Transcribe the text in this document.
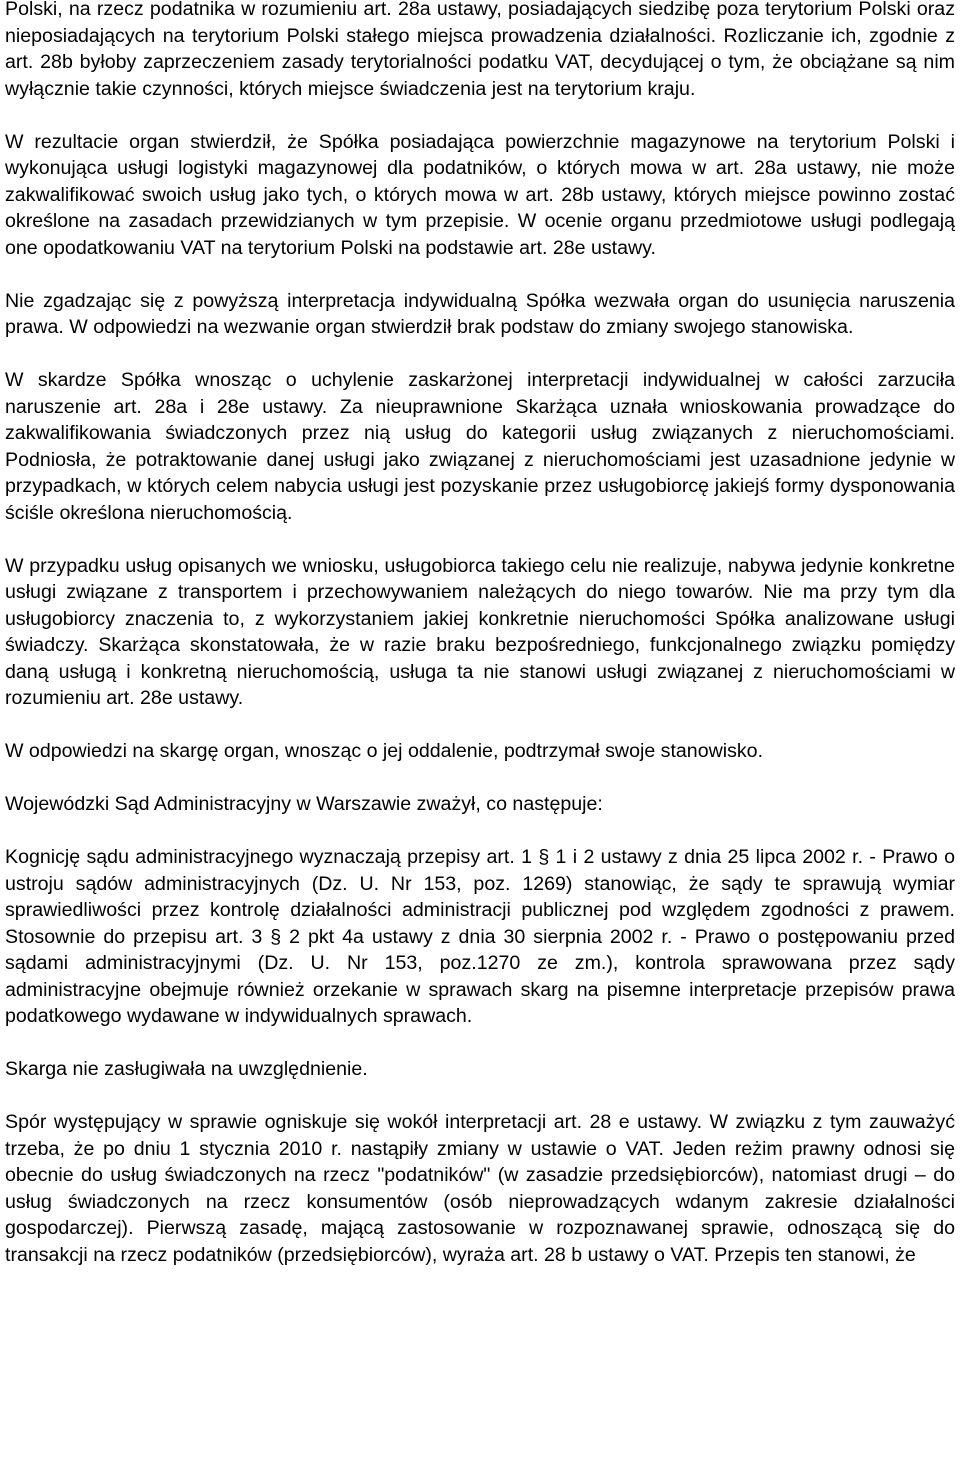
Polski, na rzecz podatnika w rozumieniu art. 28a ustawy, posiadających siedzibę poza terytorium Polski oraz nieposiadających na terytorium Polski stałego miejsca prowadzenia działalności. Rozliczanie ich, zgodnie z art. 28b byłoby zaprzeczeniem zasady terytorialności podatku VAT, decydującej o tym, że obciążane są nim wyłącznie takie czynności, których miejsce świadczenia jest na terytorium kraju.

W rezultacie organ stwierdził, że Spółka posiadająca powierzchnie magazynowe na terytorium Polski i wykonująca usługi logistyki magazynowej dla podatników, o których mowa w art. 28a ustawy, nie może zakwalifikować swoich usług jako tych, o których mowa w art. 28b ustawy, których miejsce powinno zostać określone na zasadach przewidzianych w tym przepisie. W ocenie organu przedmiotowe usługi podlegają one opodatkowaniu VAT na terytorium Polski na podstawie art. 28e ustawy.

Nie zgadzając się z powyższą interpretacja indywidualną Spółka wezwała organ do usunięcia naruszenia prawa. W odpowiedzi na wezwanie organ stwierdził brak podstaw do zmiany swojego stanowiska.

W skardze Spółka wnosząc o uchylenie zaskarżonej interpretacji indywidualnej w całości zarzuciła naruszenie art. 28a i 28e ustawy. Za nieuprawnione Skarżąca uznała wnioskowania prowadzące do zakwalifikowania świadczonych przez nią usług do kategorii usług związanych z nieruchomościami. Podniosła, że potraktowanie danej usługi jako związanej z nieruchomościami jest uzasadnione jedynie w przypadkach, w których celem nabycia usługi jest pozyskanie przez usługobiorcę jakiejś formy dysponowania ściśle określona nieruchomością.

W przypadku usług opisanych we wniosku, usługobiorca takiego celu nie realizuje, nabywa jedynie konkretne usługi związane z transportem i przechowywaniem należących do niego towarów. Nie ma przy tym dla usługobiorcy znaczenia to, z wykorzystaniem jakiej konkretnie nieruchomości Spółka analizowane usługi świadczy. Skarżąca skonstatowała, że w razie braku bezpośredniego, funkcjonalnego związku pomiędzy daną usługą i konkretną nieruchomością, usługa ta nie stanowi usługi związanej z nieruchomościami w rozumieniu art. 28e ustawy.

W odpowiedzi na skargę organ, wnosząc o jej oddalenie, podtrzymał swoje stanowisko.

Wojewódzki Sąd Administracyjny w Warszawie zważył, co następuje:

Kognicję sądu administracyjnego wyznaczają przepisy art. 1 § 1 i 2 ustawy z dnia 25 lipca 2002 r. - Prawo o ustroju sądów administracyjnych (Dz. U. Nr 153, poz. 1269) stanowiąc, że sądy te sprawują wymiar sprawiedliwości przez kontrolę działalności administracji publicznej pod względem zgodności z prawem. Stosownie do przepisu art. 3 § 2 pkt 4a ustawy z dnia 30 sierpnia 2002 r. - Prawo o postępowaniu przed sądami administracyjnymi (Dz. U. Nr 153, poz.1270 ze zm.), kontrola sprawowana przez sądy administracyjne obejmuje również orzekanie w sprawach skarg na pisemne interpretacje przepisów prawa podatkowego wydawane w indywidualnych sprawach.

Skarga nie zasługiwała na uwzględnienie.

Spór występujący w sprawie ogniskuje się wokół interpretacji art. 28 e ustawy. W związku z tym zauważyć trzeba, że po dniu 1 stycznia 2010 r. nastąpiły zmiany w ustawie o VAT. Jeden reżim prawny odnosi się obecnie do usług świadczonych na rzecz "podatników" (w zasadzie przedsiębiorców), natomiast drugi – do usług świadczonych na rzecz konsumentów (osób nieprowadzących wdanym zakresie działalności gospodarczej). Pierwszą zasadę, mającą zastosowanie w rozpoznawanej sprawie, odnoszącą się do transakcji na rzecz podatników (przedsiębiorców), wyraża art. 28 b ustawy o VAT. Przepis ten stanowi, że
